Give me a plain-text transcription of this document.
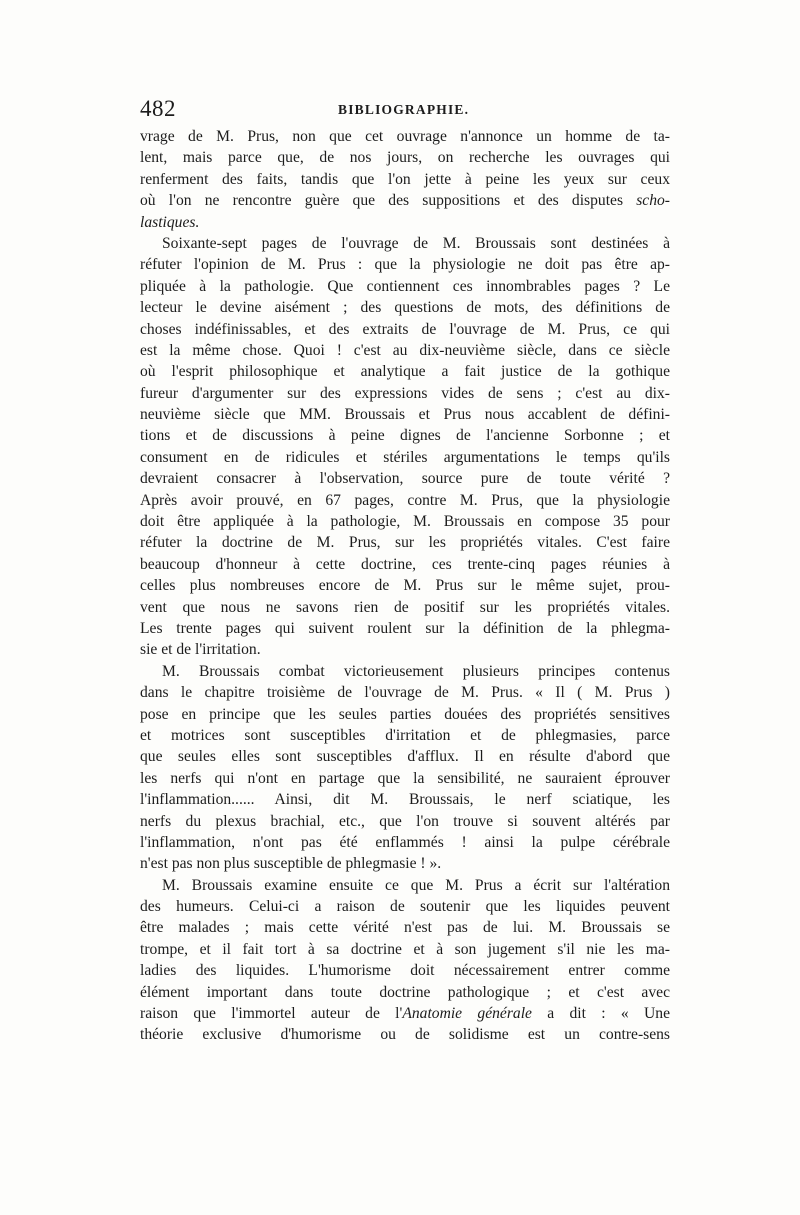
482	BIBLIOGRAPHIE.
vrage de M. Prus, non que cet ouvrage n'annonce un homme de ta-
lent, mais parce que, de nos jours, on recherche les ouvrages qui
renferment des faits, tandis que l'on jette à peine les yeux sur ceux
où l'on ne rencontre guère que des suppositions et des disputes scho-
lastiques.
Soixante-sept pages de l'ouvrage de M. Broussais sont destinées à
réfuter l'opinion de M. Prus : que la physiologie ne doit pas être ap-
pliquée à la pathologie. Que contiennent ces innombrables pages ? Le
lecteur le devine aisément ; des questions de mots, des définitions de
choses indéfinissables, et des extraits de l'ouvrage de M. Prus, ce qui
est la même chose. Quoi ! c'est au dix-neuvième siècle, dans ce siècle
où l'esprit philosophique et analytique a fait justice de la gothique
fureur d'argumenter sur des expressions vides de sens ; c'est au dix-
neuvième siècle que MM. Broussais et Prus nous accablent de défini-
tions et de discussions à peine dignes de l'ancienne Sorbonne ; et
consument en de ridicules et stériles argumentations le temps qu'ils
devraient consacrer à l'observation, source pure de toute vérité ?
Après avoir prouvé, en 67 pages, contre M. Prus, que la physiologie
doit être appliquée à la pathologie, M. Broussais en compose 35 pour
réfuter la doctrine de M. Prus, sur les propriétés vitales. C'est faire
beaucoup d'honneur à cette doctrine, ces trente-cinq pages réunies à
celles plus nombreuses encore de M. Prus sur le même sujet, prou-
vent que nous ne savons rien de positif sur les propriétés vitales.
Les trente pages qui suivent roulent sur la définition de la phlegma-
sie et de l'irritation.
M. Broussais combat victorieusement plusieurs principes contenus
dans le chapitre troisième de l'ouvrage de M. Prus. « Il ( M. Prus )
pose en principe que les seules parties douées des propriétés sensitives
et motrices sont susceptibles d'irritation et de phlegmasies, parce
que seules elles sont susceptibles d'afflux. Il en résulte d'abord que
les nerfs qui n'ont en partage que la sensibilité, ne sauraient éprouver
l'inflammation...... Ainsi, dit M. Broussais, le nerf sciatique, les
nerfs du plexus brachial, etc., que l'on trouve si souvent altérés par
l'inflammation, n'ont pas été enflammés ! ainsi la pulpe cérébrale
n'est pas non plus susceptible de phlegmasie ! ».
M. Broussais examine ensuite ce que M. Prus a écrit sur l'altération
des humeurs. Celui-ci a raison de soutenir que les liquides peuvent
être malades ; mais cette vérité n'est pas de lui. M. Broussais se
trompe, et il fait tort à sa doctrine et à son jugement s'il nie les ma-
ladies des liquides. L'humorisme doit nécessairement entrer comme
élément important dans toute doctrine pathologique ; et c'est avec
raison que l'immortel auteur de l'Anatomie générale a dit : « Une
théorie exclusive d'humorisme ou de solidisme est un contre-sens
